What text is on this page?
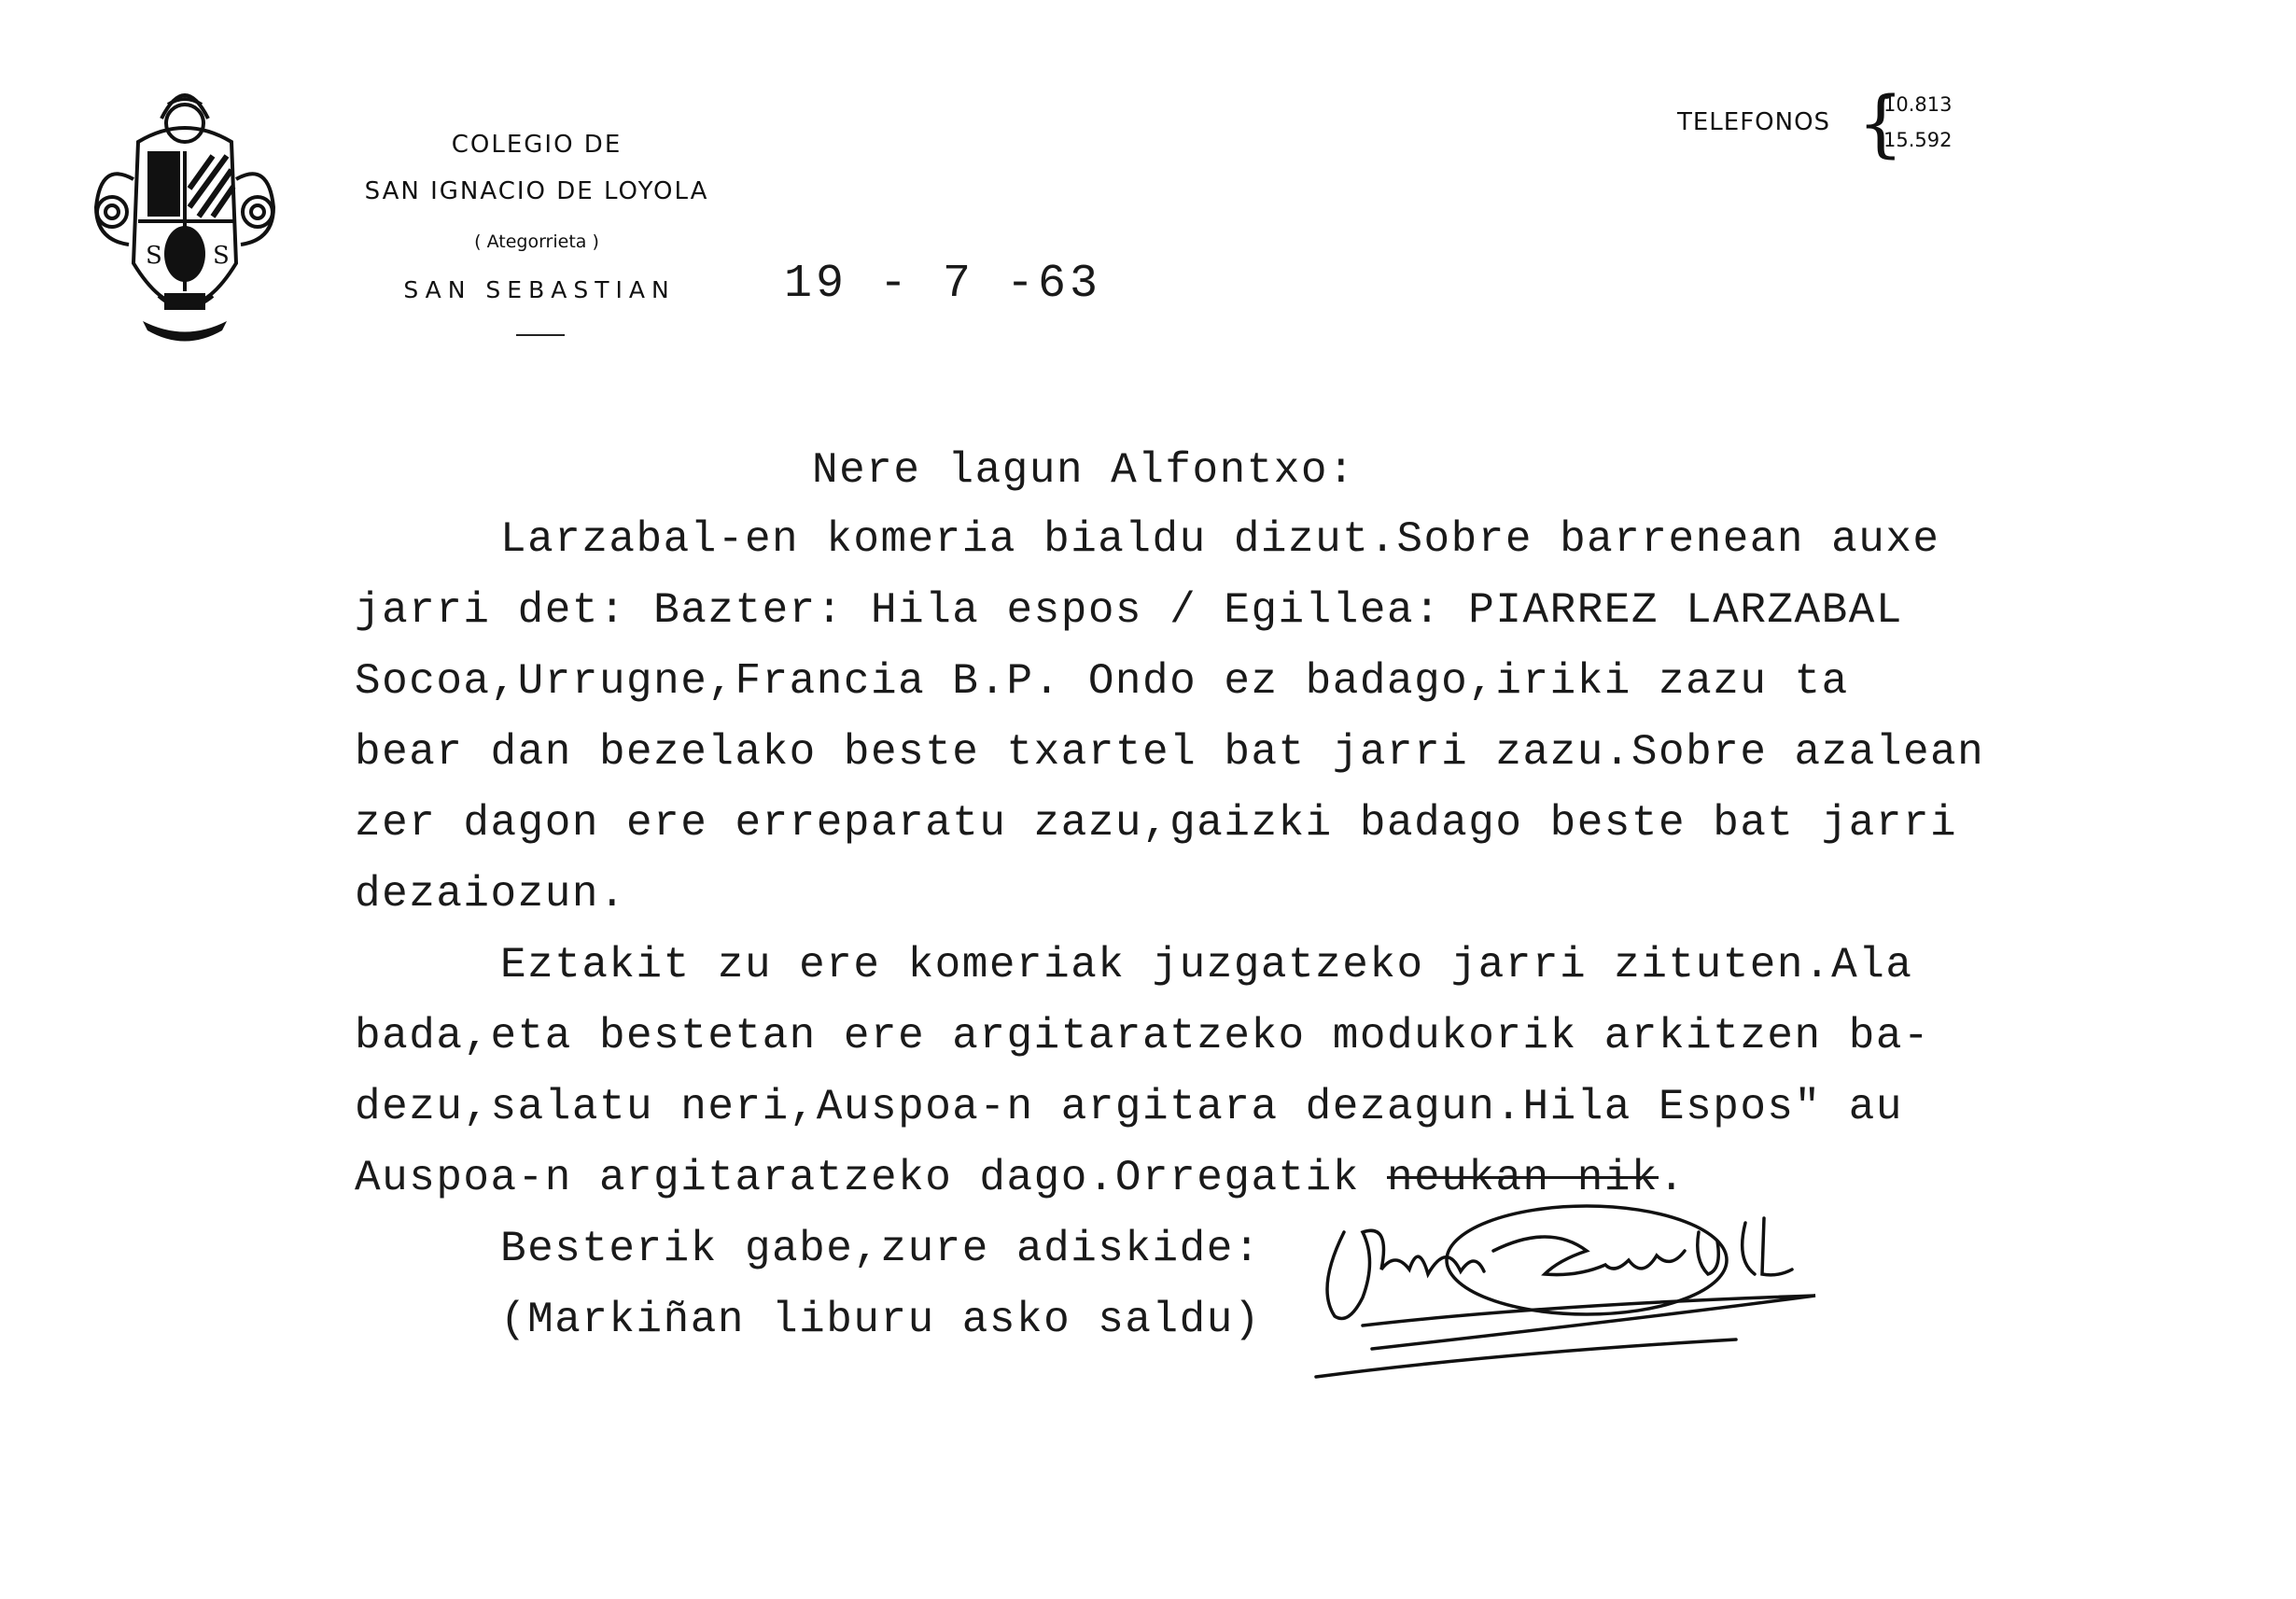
S S
COLEGIO DE
SAN IGNACIO DE LOYOLA
( Ategorrieta )
SAN SEBASTIAN
TELEFONOS {
10.813
15.592
19 - 7 -63
Nere lagun Alfontxo:
Larzabal-en komeria bialdu dizut.Sobre barrenean auxe
jarri det: Bazter: Hila espos / Egillea: PIARREZ LARZABAL
Socoa,Urrugne,Francia B.P. Ondo ez badago,iriki zazu ta
bear dan bezelako beste txartel bat jarri zazu.Sobre azalean
zer dagon ere erreparatu zazu,gaizki badago beste bat jarri
dezaiozun.
Eztakit zu ere komeriak juzgatzeko jarri zituten.Ala
bada,eta bestetan ere argitaratzeko modukorik arkitzen ba-
dezu,salatu neri,Auspoa-n argitara dezagun.Hila Espos" au
Auspoa-n argitaratzeko dago.Orregatik neukan nik.
Besterik gabe,zure adiskide:
(Markiñan liburu asko saldu)
